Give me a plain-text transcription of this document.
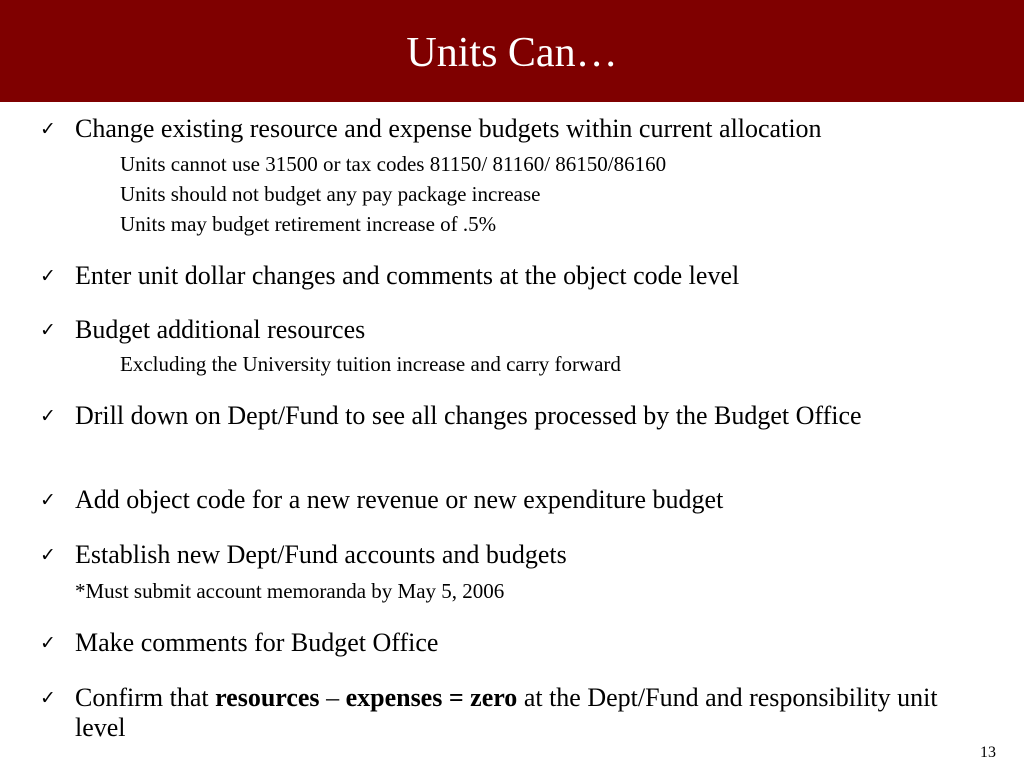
Units Can…
✓ Change existing resource and expense budgets within current allocation
Units cannot use 31500 or tax codes 81150/ 81160/ 86150/86160
Units should not budget any pay package increase
Units may budget retirement increase of .5%
✓ Enter unit dollar changes and comments at the object code level
✓ Budget additional resources
Excluding the University tuition increase and carry forward
✓ Drill down on Dept/Fund to see all changes processed by the Budget Office
✓ Add object code for a new revenue or new expenditure budget
✓ Establish new Dept/Fund accounts and budgets
*Must submit account memoranda by May 5, 2006
✓ Make comments for Budget Office
✓ Confirm that resources – expenses = zero at the Dept/Fund and responsibility unit level
13
